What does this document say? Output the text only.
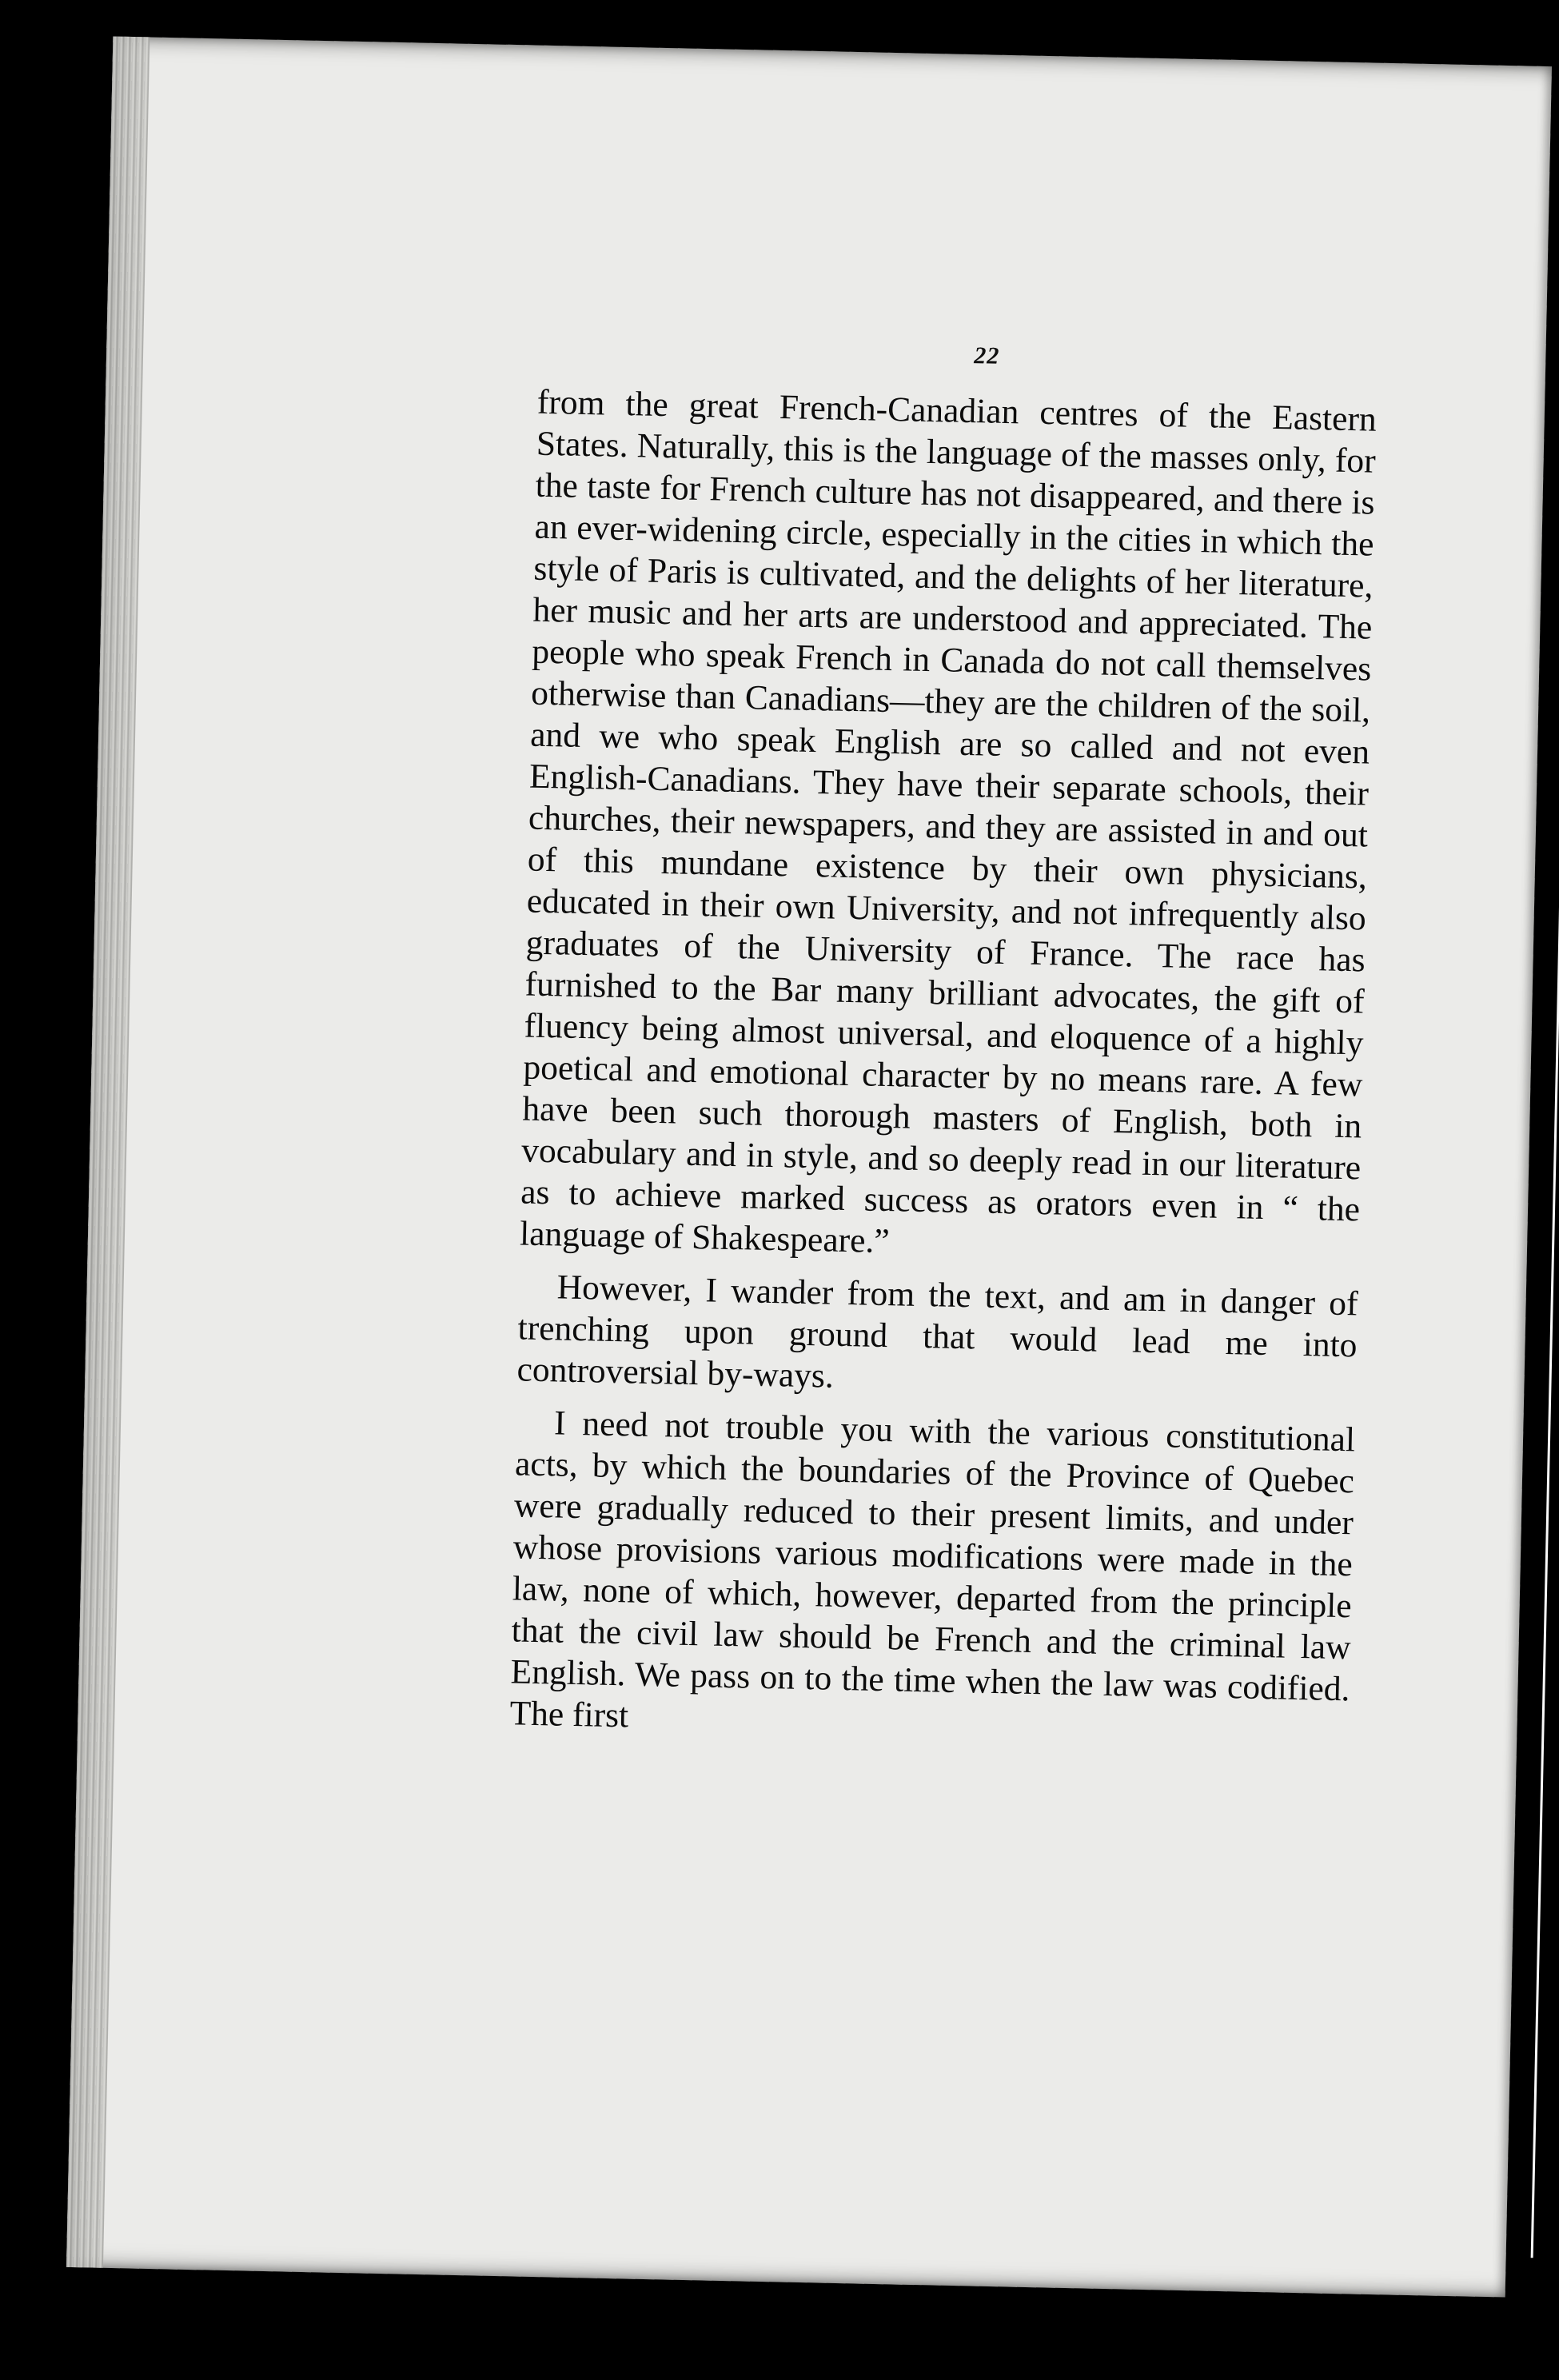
22

from the great French-Canadian centres of the Eastern States. Naturally, this is the language of the masses only, for the taste for French culture has not disappeared, and there is an ever-widening circle, especially in the cities in which the style of Paris is cultivated, and the delights of her literature, her music and her arts are understood and appreciated. The people who speak French in Canada do not call themselves otherwise than Canadians—they are the children of the soil, and we who speak English are so called and not even English-Canadians. They have their separate schools, their churches, their newspapers, and they are assisted in and out of this mundane existence by their own physicians, educated in their own University, and not infrequently also graduates of the University of France. The race has furnished to the Bar many brilliant advocates, the gift of fluency being almost universal, and eloquence of a highly poetical and emotional character by no means rare. A few have been such thorough masters of English, both in vocabulary and in style, and so deeply read in our literature as to achieve marked success as orators even in “ the language of Shakespeare.”

However, I wander from the text, and am in danger of trenching upon ground that would lead me into controversial by-ways.

I need not trouble you with the various constitutional acts, by which the boundaries of the Province of Quebec were gradually reduced to their present limits, and under whose provisions various modifications were made in the law, none of which, however, departed from the principle that the civil law should be French and the criminal law English. We pass on to the time when the law was codified. The first
